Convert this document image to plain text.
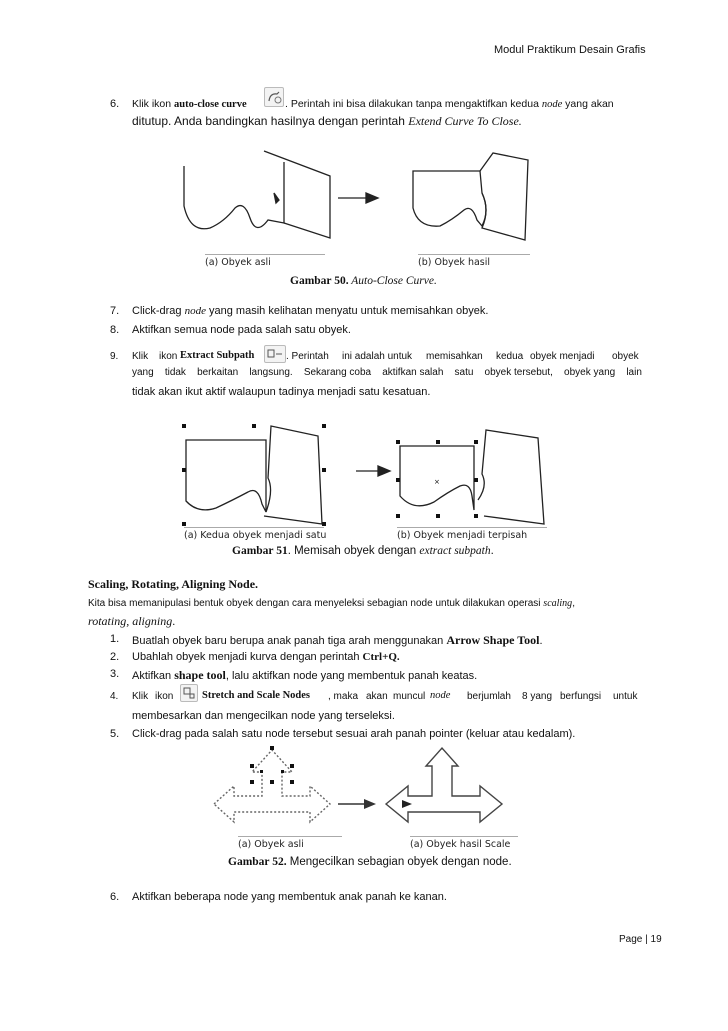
Modul Praktikum Desain Grafis
6.	Klik ikon auto-close curve	. Perintah ini bisa dilakukan tanpa mengaktifkan kedua node yang akan
ditutup. Anda bandingkan hasilnya dengan perintah Extend Curve To Close.
(a) Obyek asli	(b) Obyek hasil
Gambar 50. Auto-Close Curve.
7.	Click-drag node yang masih kelihatan menyatu untuk memisahkan obyek.
8.	Aktifkan semua node pada salah satu obyek.
9.	Klik ikon Extract Subpath	. Perintah ini adalah untuk memisahkan kedua obyek menjadi obyek
yang tidak berkaitan langsung. Sekarang coba aktifkan salah satu obyek tersebut, obyek yang lain
tidak akan ikut aktif walaupun tadinya menjadi satu kesatuan.
×
(a) Kedua obyek menjadi satu	(b) Obyek menjadi terpisah
Gambar 51. Memisah obyek dengan extract subpath.
Scaling, Rotating, Aligning Node.
Kita bisa memanipulasi bentuk obyek dengan cara menyeleksi sebagian node untuk dilakukan operasi scaling,
rotating, aligning.
1.	Buatlah obyek baru berupa anak panah tiga arah menggunakan Arrow Shape Tool.
2.	Ubahlah obyek menjadi kurva dengan perintah Ctrl+Q.
3.	Aktifkan shape tool, lalu aktifkan node yang membentuk panah keatas.
4.	Klik ikon	Stretch and Scale Nodes , maka akan muncul node berjumlah 8 yang berfungsi untuk
membesarkan dan mengecilkan node yang terseleksi.
5.	Click-drag pada salah satu node tersebut sesuai arah panah pointer (keluar atau kedalam).
(a) Obyek asli	(a) Obyek hasil Scale
Gambar 52. Mengecilkan sebagian obyek dengan node.
6.	Aktifkan beberapa node yang membentuk anak panah ke kanan.
Page | 19
